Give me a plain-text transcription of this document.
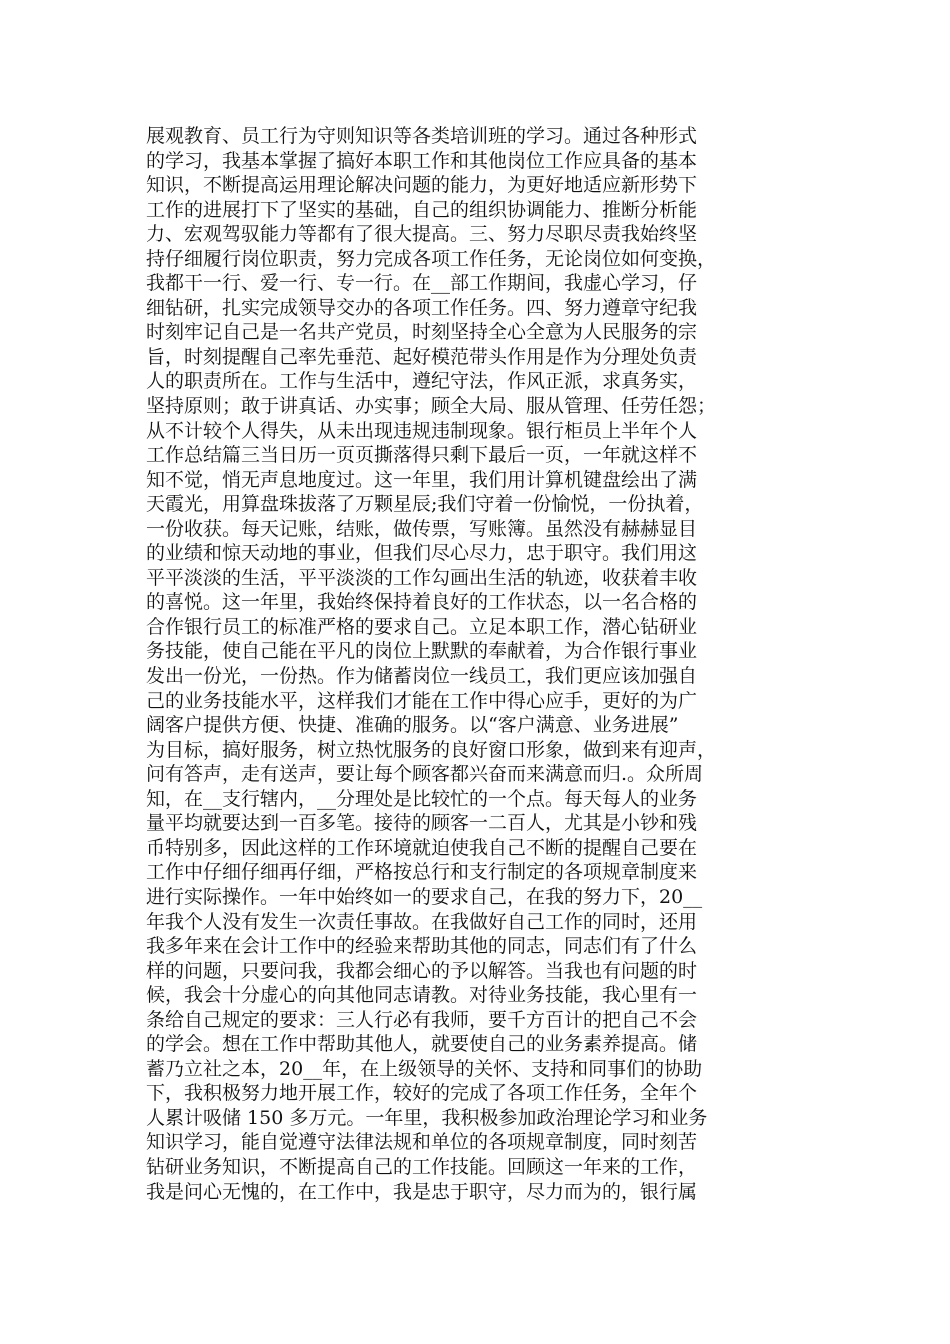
展观教育、员工行为守则知识等各类培训班的学习。通过各种形式
的学习，我基本掌握了搞好本职工作和其他岗位工作应具备的基本
知识，不断提高运用理论解决问题的能力，为更好地适应新形势下
工作的进展打下了坚实的基础，自己的组织协调能力、推断分析能
力、宏观驾驭能力等都有了很大提高。三、努力尽职尽责我始终坚
持仔细履行岗位职责，努力完成各项工作任务，无论岗位如何变换，
我都干一行、爱一行、专一行。在__部工作期间，我虚心学习，仔
细钻研，扎实完成领导交办的各项工作任务。四、努力遵章守纪我
时刻牢记自己是一名共产党员，时刻坚持全心全意为人民服务的宗
旨，时刻提醒自己率先垂范、起好模范带头作用是作为分理处负责
人的职责所在。工作与生活中，遵纪守法，作风正派，求真务实，
坚持原则；敢于讲真话、办实事；顾全大局、服从管理、任劳任怨；
从不计较个人得失，从未出现违规违制现象。银行柜员上半年个人
工作总结篇三当日历一页页撕落得只剩下最后一页，一年就这样不
知不觉，悄无声息地度过。这一年里，我们用计算机键盘绘出了满
天霞光，用算盘珠拔落了万颗星辰;我们守着一份愉悦，一份执着，
一份收获。每天记账，结账，做传票，写账簿。虽然没有赫赫显目
的业绩和惊天动地的事业，但我们尽心尽力，忠于职守。我们用这
平平淡淡的生活，平平淡淡的工作勾画出生活的轨迹，收获着丰收
的喜悦。这一年里，我始终保持着良好的工作状态，以一名合格的
合作银行员工的标准严格的要求自己。立足本职工作，潜心钻研业
务技能，使自己能在平凡的岗位上默默的奉献着，为合作银行事业
发出一份光，一份热。作为储蓄岗位一线员工，我们更应该加强自
己的业务技能水平，这样我们才能在工作中得心应手，更好的为广
阔客户提供方便、快捷、准确的服务。以“客户满意、业务进展”
为目标，搞好服务，树立热忱服务的良好窗口形象，做到来有迎声，
问有答声，走有送声，要让每个顾客都兴奋而来满意而归.。众所周
知，在__支行辖内，__分理处是比较忙的一个点。每天每人的业务
量平均就要达到一百多笔。接待的顾客一二百人，尤其是小钞和残
币特别多，因此这样的工作环境就迫使我自己不断的提醒自己要在
工作中仔细仔细再仔细，严格按总行和支行制定的各项规章制度来
进行实际操作。一年中始终如一的要求自己，在我的努力下，20__
年我个人没有发生一次责任事故。在我做好自己工作的同时，还用
我多年来在会计工作中的经验来帮助其他的同志，同志们有了什么
样的问题，只要问我，我都会细心的予以解答。当我也有问题的时
候，我会十分虚心的向其他同志请教。对待业务技能，我心里有一
条给自己规定的要求：三人行必有我师，要千方百计的把自己不会
的学会。想在工作中帮助其他人，就要使自己的业务素养提高。储
蓄乃立社之本，20__年，在上级领导的关怀、支持和同事们的协助
下，我积极努力地开展工作，较好的完成了各项工作任务，全年个
人累计吸储 150 多万元。一年里，我积极参加政治理论学习和业务
知识学习，能自觉遵守法律法规和单位的各项规章制度，同时刻苦
钻研业务知识，不断提高自己的工作技能。回顾这一年来的工作，
我是问心无愧的，在工作中，我是忠于职守，尽力而为的，银行属
